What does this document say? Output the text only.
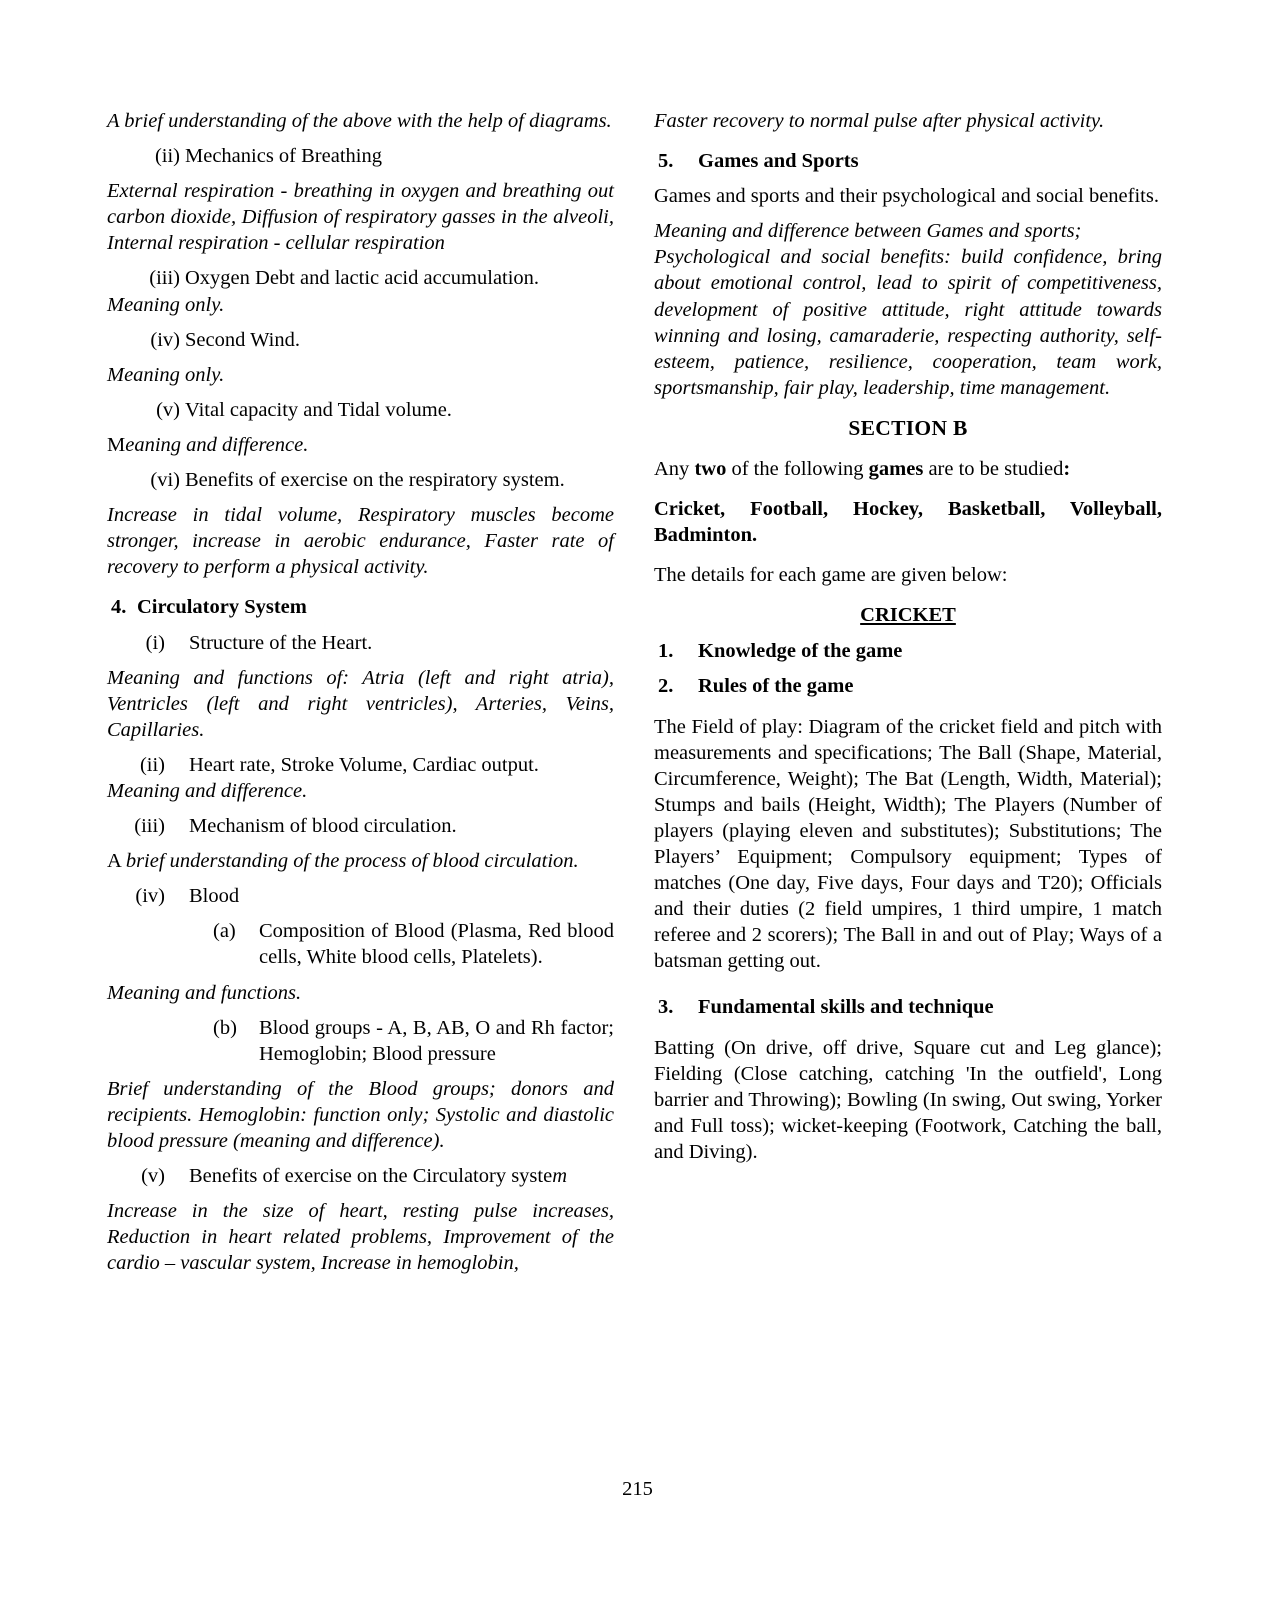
A brief understanding of the above with the help of diagrams.
(ii) Mechanics of Breathing
External respiration - breathing in oxygen and breathing out carbon dioxide, Diffusion of respiratory gasses in the alveoli, Internal respiration - cellular respiration
(iii) Oxygen Debt and lactic acid accumulation.
Meaning only.
(iv) Second Wind.
Meaning only.
(v) Vital capacity and Tidal volume.
Meaning and difference.
(vi) Benefits of exercise on the respiratory system.
Increase in tidal volume, Respiratory muscles become stronger, increase in aerobic endurance, Faster rate of recovery to perform a physical activity.
4. Circulatory System
(i)	Structure of the Heart.
Meaning and functions of: Atria (left and right atria), Ventricles (left and right ventricles), Arteries, Veins, Capillaries.
(ii)	Heart rate, Stroke Volume, Cardiac output.
Meaning and difference.
(iii)	Mechanism of blood circulation.
A brief understanding of the process of blood circulation.
(iv)	Blood
(a)	Composition of Blood (Plasma, Red blood cells, White blood cells, Platelets).
Meaning and functions.
(b)	Blood groups - A, B, AB, O and Rh factor; Hemoglobin; Blood pressure
Brief understanding of the Blood groups; donors and recipients. Hemoglobin: function only; Systolic and diastolic blood pressure (meaning and difference).
(v)	Benefits of exercise on the Circulatory system
Increase in the size of heart, resting pulse increases, Reduction in heart related problems, Improvement of the cardio – vascular system, Increase in hemoglobin,
Faster recovery to normal pulse after physical activity.
5.	Games and Sports
Games and sports and their psychological and social benefits.
Meaning and difference between Games and sports;
Psychological and social benefits: build confidence, bring about emotional control, lead to spirit of competitiveness, development of positive attitude, right attitude towards winning and losing, camaraderie, respecting authority, self-esteem, patience, resilience, cooperation, team work, sportsmanship, fair play, leadership, time management.
SECTION B
Any two of the following games are to be studied:
Cricket, Football, Hockey, Basketball, Volleyball, Badminton.
The details for each game are given below:
CRICKET
1.	Knowledge of the game
2.	Rules of the game
The Field of play: Diagram of the cricket field and pitch with measurements and specifications; The Ball (Shape, Material, Circumference, Weight); The Bat (Length, Width, Material); Stumps and bails (Height, Width); The Players (Number of players (playing eleven and substitutes); Substitutions; The Players’ Equipment; Compulsory equipment; Types of matches (One day, Five days, Four days and T20); Officials and their duties (2 field umpires, 1 third umpire, 1 match referee and 2 scorers); The Ball in and out of Play; Ways of a batsman getting out.
3.	Fundamental skills and technique
Batting (On drive, off drive, Square cut and Leg glance); Fielding (Close catching, catching 'In the outfield', Long barrier and Throwing); Bowling (In swing, Out swing, Yorker and Full toss); wicket-keeping (Footwork, Catching the ball, and Diving).
215
